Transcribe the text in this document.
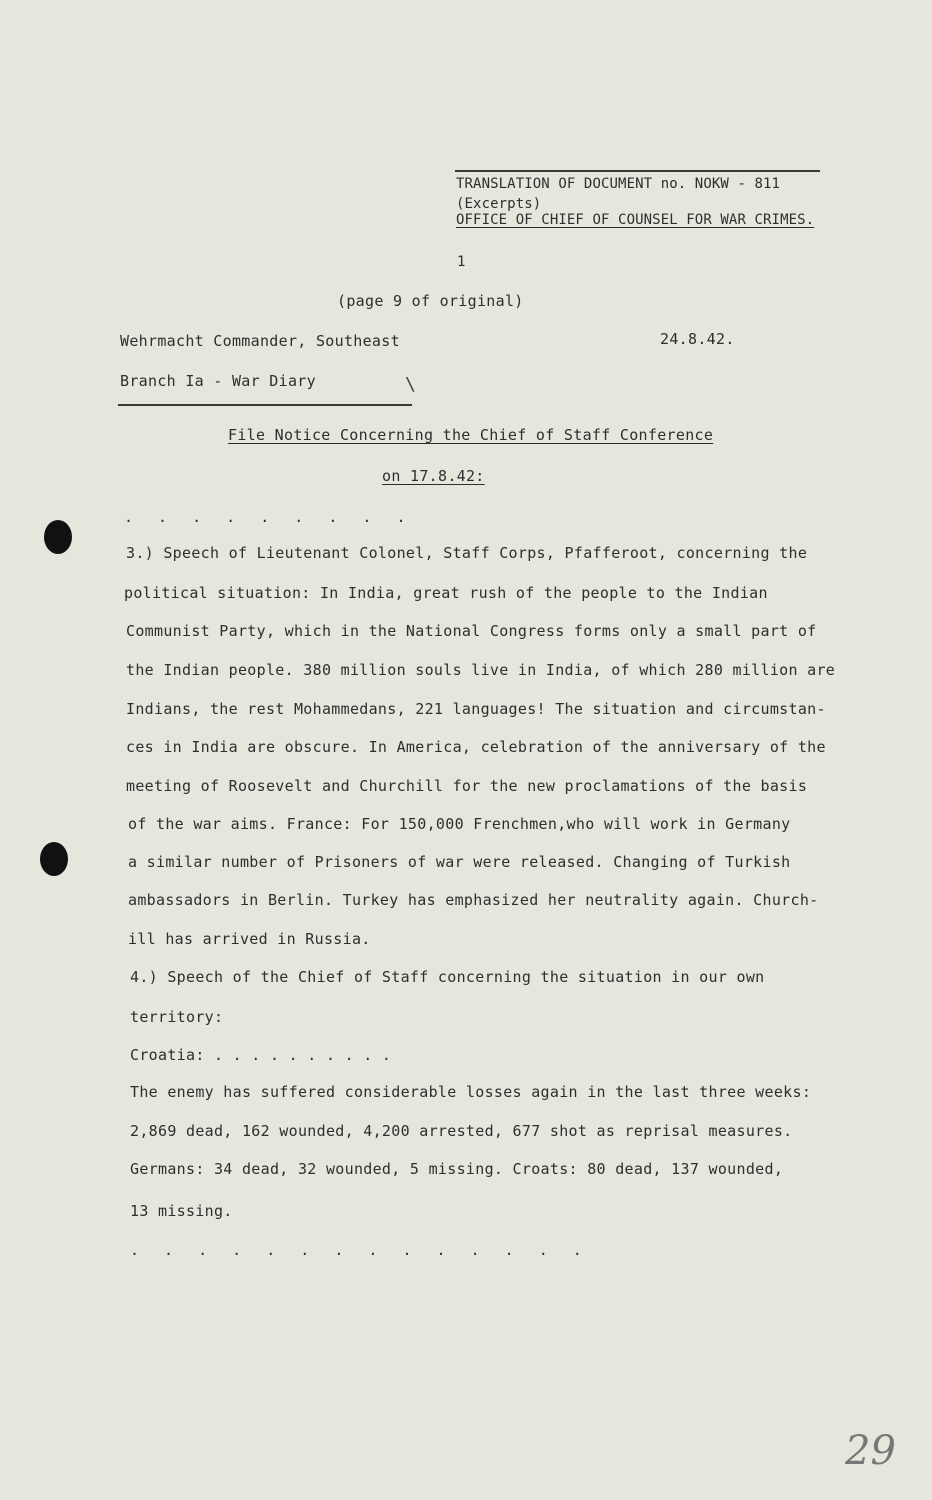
TRANSLATION OF DOCUMENT no. NOKW - 811
(Excerpts)
OFFICE OF CHIEF OF COUNSEL FOR WAR CRIMES.
1
(page 9 of original)
Wehrmacht Commander, Southeast	24.8.42.
Branch Ia - War Diary	\
File Notice Concerning the Chief of Staff Conference
on 17.8.42:
. . . . . . . . .
3.) Speech of Lieutenant Colonel, Staff Corps, Pfafferoot, concerning the
political situation: In India, great rush of the people to the Indian
Communist Party, which in the National Congress forms only a small part of
the Indian people. 380 million souls live in India, of which 280 million are
Indians, the rest Mohammedans, 221 languages! The situation and circumstan-
ces in India are obscure. In America, celebration of the anniversary of the
meeting of Roosevelt and Churchill for the new proclamations of the basis
of the war aims. France: For 150,000 Frenchmen,who will work in Germany
a similar number of Prisoners of war were released. Changing of Turkish
ambassadors in Berlin. Turkey has emphasized her neutrality again. Church-
ill has arrived in Russia.
4.) Speech of the Chief of Staff concerning the situation in our own
territory:
Croatia: . . . . . . . . . .
The enemy has suffered considerable losses again in the last three weeks:
2,869 dead, 162 wounded, 4,200 arrested, 677 shot as reprisal measures.
Germans: 34 dead, 32 wounded, 5 missing. Croats: 80 dead, 137 wounded,
13 missing.
. . . . . . . . . . . . . .
29
